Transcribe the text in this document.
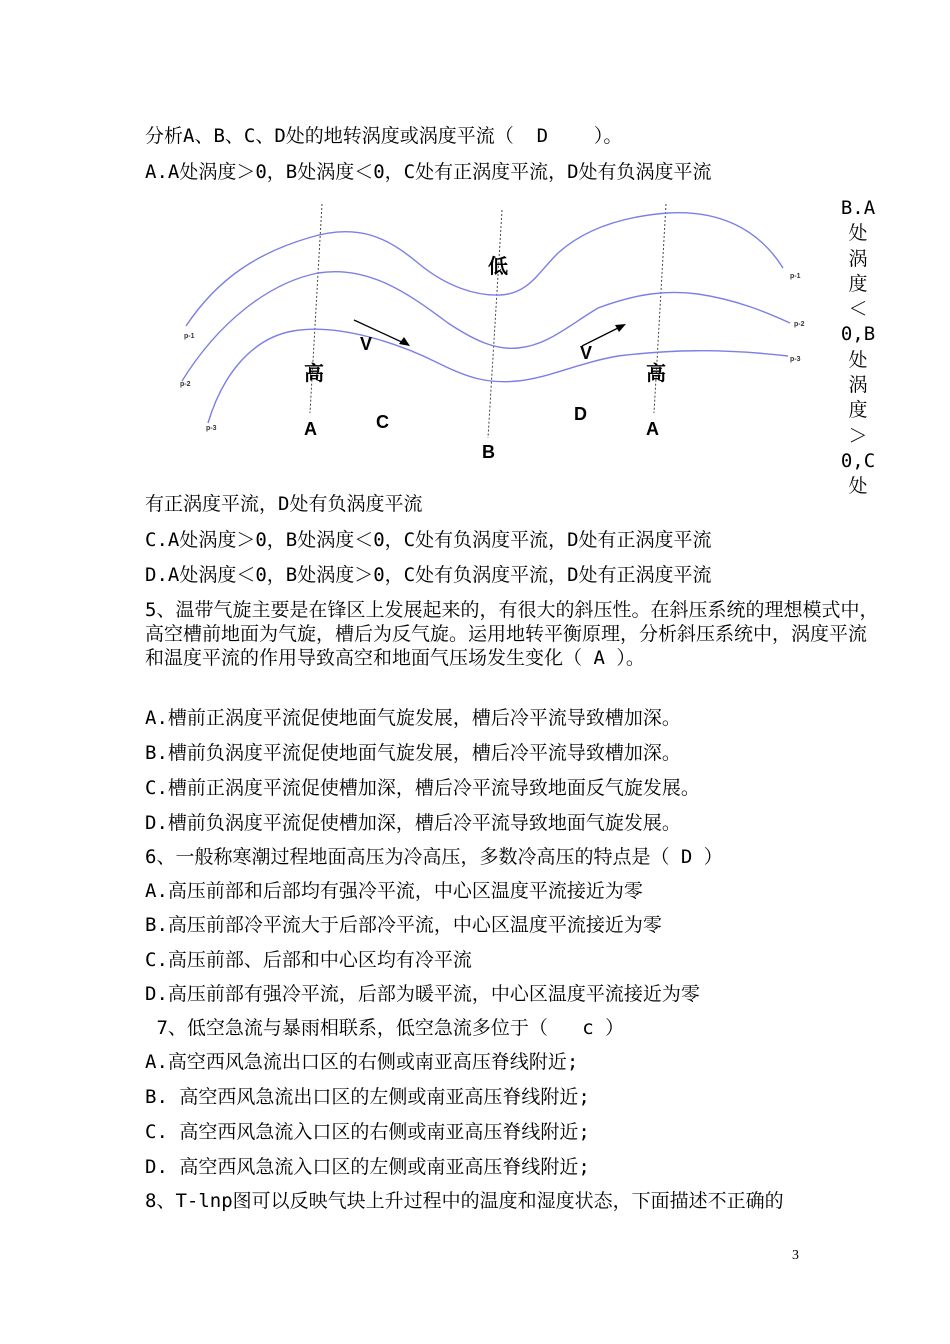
分析A、B、C、D处的地转涡度或涡度平流（  D    ）。
A.A处涡度＞0，B处涡度＜0，C处有正涡度平流，D处有负涡度平流
p-1
p-2
p-3
p-1
p-2
p-3
低
高	高
V	V
A	C	D
A
B
B.A
处
涡
度
＜
0,B
处
涡
度
＞
0,C
处
有正涡度平流，D处有负涡度平流
C.A处涡度＞0，B处涡度＜0，C处有负涡度平流，D处有正涡度平流
D.A处涡度＜0，B处涡度＞0，C处有负涡度平流，D处有正涡度平流
5、温带气旋主要是在锋区上发展起来的，有很大的斜压性。在斜压系统的理想模式中，高空槽前地面为气旋，槽后为反气旋。运用地转平衡原理，分析斜压系统中，涡度平流和温度平流的作用导致高空和地面气压场发生变化（ A ）。
A.槽前正涡度平流促使地面气旋发展，槽后冷平流导致槽加深。
B.槽前负涡度平流促使地面气旋发展，槽后冷平流导致槽加深。
C.槽前正涡度平流促使槽加深，槽后冷平流导致地面反气旋发展。
D.槽前负涡度平流促使槽加深，槽后冷平流导致地面气旋发展。
6、一般称寒潮过程地面高压为冷高压，多数冷高压的特点是（ D ）
A.高压前部和后部均有强冷平流，中心区温度平流接近为零
B.高压前部冷平流大于后部冷平流，中心区温度平流接近为零
C.高压前部、后部和中心区均有冷平流
D.高压前部有强冷平流，后部为暖平流，中心区温度平流接近为零
7、低空急流与暴雨相联系，低空急流多位于（   c ）
A.高空西风急流出口区的右侧或南亚高压脊线附近;
B. 高空西风急流出口区的左侧或南亚高压脊线附近;
C. 高空西风急流入口区的右侧或南亚高压脊线附近;
D. 高空西风急流入口区的左侧或南亚高压脊线附近;
8、T-lnp图可以反映气块上升过程中的温度和湿度状态，下面描述不正确的
3
